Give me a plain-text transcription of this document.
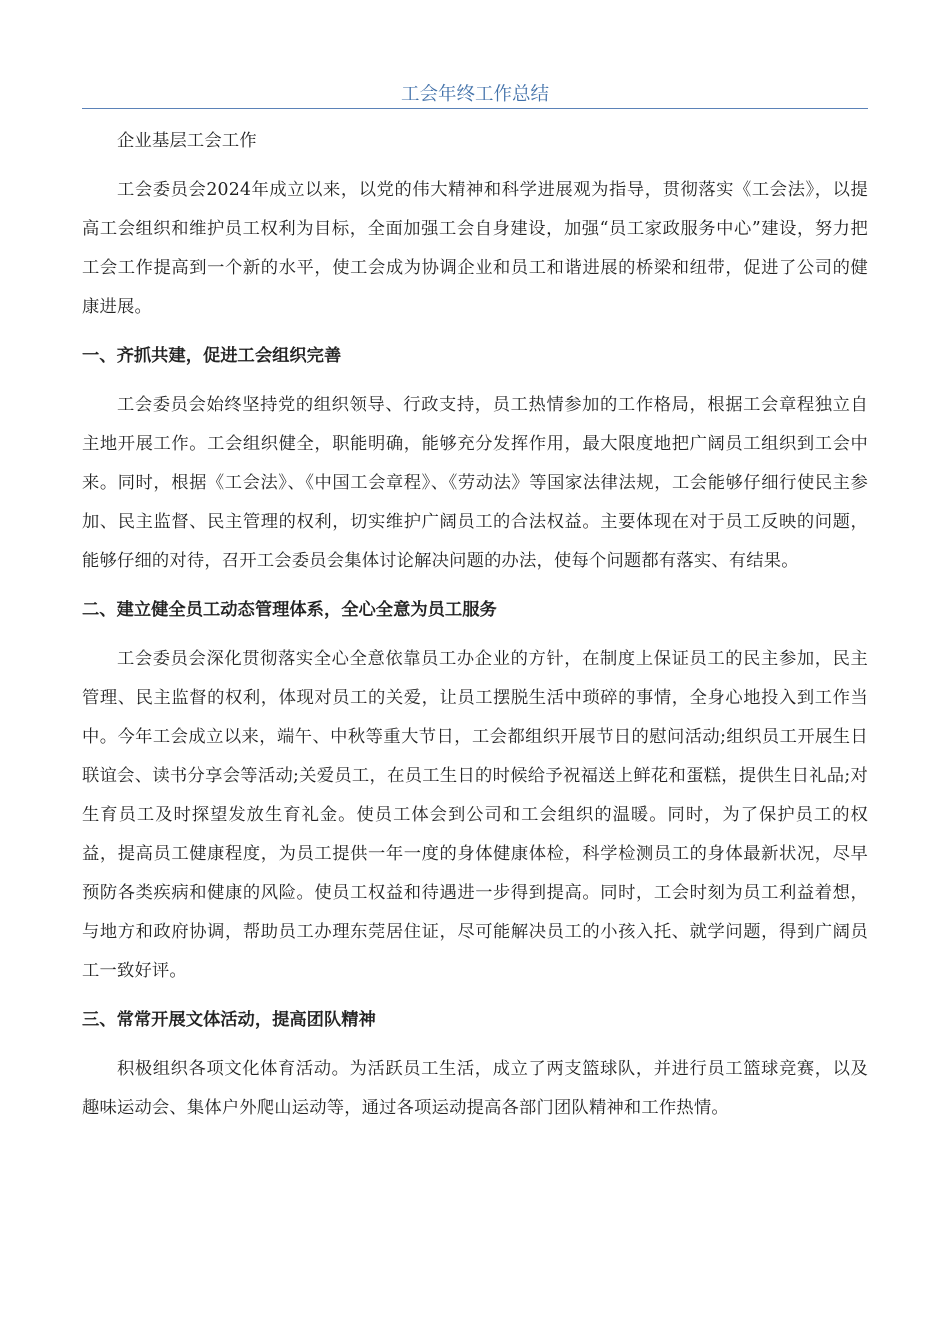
工会年终工作总结

企业基层工会工作

工会委员会2024年成立以来，以党的伟大精神和科学进展观为指导，贯彻落实《工会法》，以提高工会组织和维护员工权利为目标，全面加强工会自身建设，加强“员工家政服务中心”建设，努力把工会工作提高到一个新的水平，使工会成为协调企业和员工和谐进展的桥梁和纽带，促进了公司的健康进展。

一、齐抓共建，促进工会组织完善

工会委员会始终坚持党的组织领导、行政支持，员工热情参加的工作格局，根据工会章程独立自主地开展工作。工会组织健全，职能明确，能够充分发挥作用，最大限度地把广阔员工组织到工会中来。同时，根据《工会法》、《中国工会章程》、《劳动法》等国家法律法规，工会能够仔细行使民主参加、民主监督、民主管理的权利，切实维护广阔员工的合法权益。主要体现在对于员工反映的问题，能够仔细的对待，召开工会委员会集体讨论解决问题的办法，使每个问题都有落实、有结果。

二、建立健全员工动态管理体系，全心全意为员工服务

工会委员会深化贯彻落实全心全意依靠员工办企业的方针，在制度上保证员工的民主参加，民主管理、民主监督的权利，体现对员工的关爱，让员工摆脱生活中琐碎的事情，全身心地投入到工作当中。今年工会成立以来，端午、中秋等重大节日，工会都组织开展节日的慰问活动;组织员工开展生日联谊会、读书分享会等活动;关爱员工，在员工生日的时候给予祝福送上鲜花和蛋糕，提供生日礼品;对生育员工及时探望发放生育礼金。使员工体会到公司和工会组织的温暖。同时，为了保护员工的权益，提高员工健康程度，为员工提供一年一度的身体健康体检，科学检测员工的身体最新状况，尽早预防各类疾病和健康的风险。使员工权益和待遇进一步得到提高。同时，工会时刻为员工利益着想，与地方和政府协调，帮助员工办理东莞居住证，尽可能解决员工的小孩入托、就学问题，得到广阔员工一致好评。

三、常常开展文体活动，提高团队精神

积极组织各项文化体育活动。为活跃员工生活，成立了两支篮球队，并进行员工篮球竞赛，以及趣味运动会、集体户外爬山运动等，通过各项运动提高各部门团队精神和工作热情。
